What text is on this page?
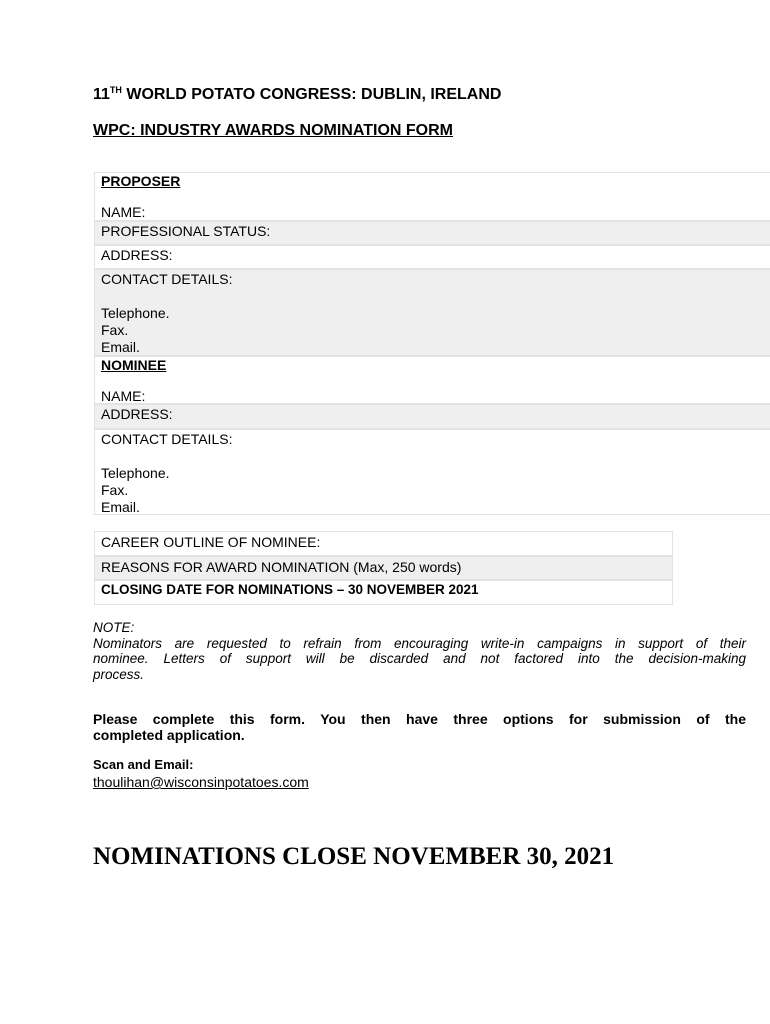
11TH WORLD POTATO CONGRESS: DUBLIN, IRELAND
WPC: INDUSTRY AWARDS NOMINATION FORM
PROPOSER
NAME:
PROFESSIONAL STATUS:
ADDRESS:
CONTACT DETAILS:
Telephone.
Fax.
Email.
NOMINEE
NAME:
ADDRESS:
CONTACT DETAILS:
Telephone.
Fax.
Email.
CAREER OUTLINE OF NOMINEE:
REASONS FOR AWARD NOMINATION (Max, 250 words)
CLOSING DATE FOR NOMINATIONS – 30 NOVEMBER 2021
NOTE:
Nominators are requested to refrain from encouraging write-in campaigns in support of their
nominee. Letters of support will be discarded and not factored into the decision-making
process.
Please complete this form. You then have three options for submission of the
completed application.
Scan and Email:
thoulihan@wisconsinpotatoes.com
NOMINATIONS CLOSE NOVEMBER 30, 2021
